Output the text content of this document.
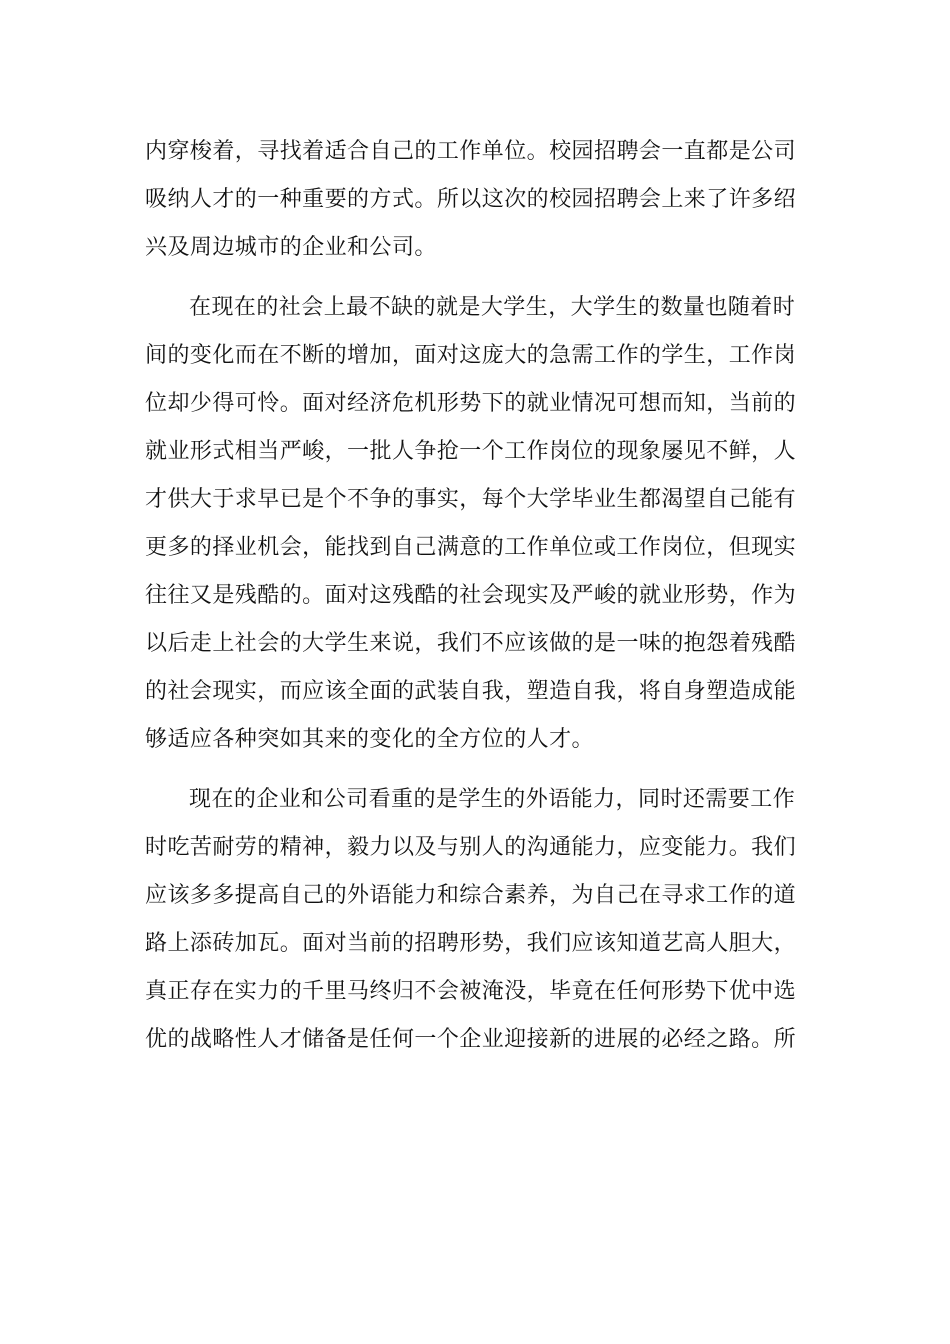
内穿梭着，寻找着适合自己的工作单位。校园招聘会一直都是公司
吸纳人才的一种重要的方式。所以这次的校园招聘会上来了许多绍
兴及周边城市的企业和公司。
在现在的社会上最不缺的就是大学生，大学生的数量也随着时
间的变化而在不断的增加，面对这庞大的急需工作的学生，工作岗
位却少得可怜。面对经济危机形势下的就业情况可想而知，当前的
就业形式相当严峻，一批人争抢一个工作岗位的现象屡见不鲜，人
才供大于求早已是个不争的事实，每个大学毕业生都渴望自己能有
更多的择业机会，能找到自己满意的工作单位或工作岗位，但现实
往往又是残酷的。面对这残酷的社会现实及严峻的就业形势，作为
以后走上社会的大学生来说，我们不应该做的是一味的抱怨着残酷
的社会现实，而应该全面的武装自我，塑造自我，将自身塑造成能
够适应各种突如其来的变化的全方位的人才。
现在的企业和公司看重的是学生的外语能力，同时还需要工作
时吃苦耐劳的精神，毅力以及与别人的沟通能力，应变能力。我们
应该多多提高自己的外语能力和综合素养，为自己在寻求工作的道
路上添砖加瓦。面对当前的招聘形势，我们应该知道艺高人胆大，
真正存在实力的千里马终归不会被淹没，毕竟在任何形势下优中选
优的战略性人才储备是任何一个企业迎接新的进展的必经之路。所
